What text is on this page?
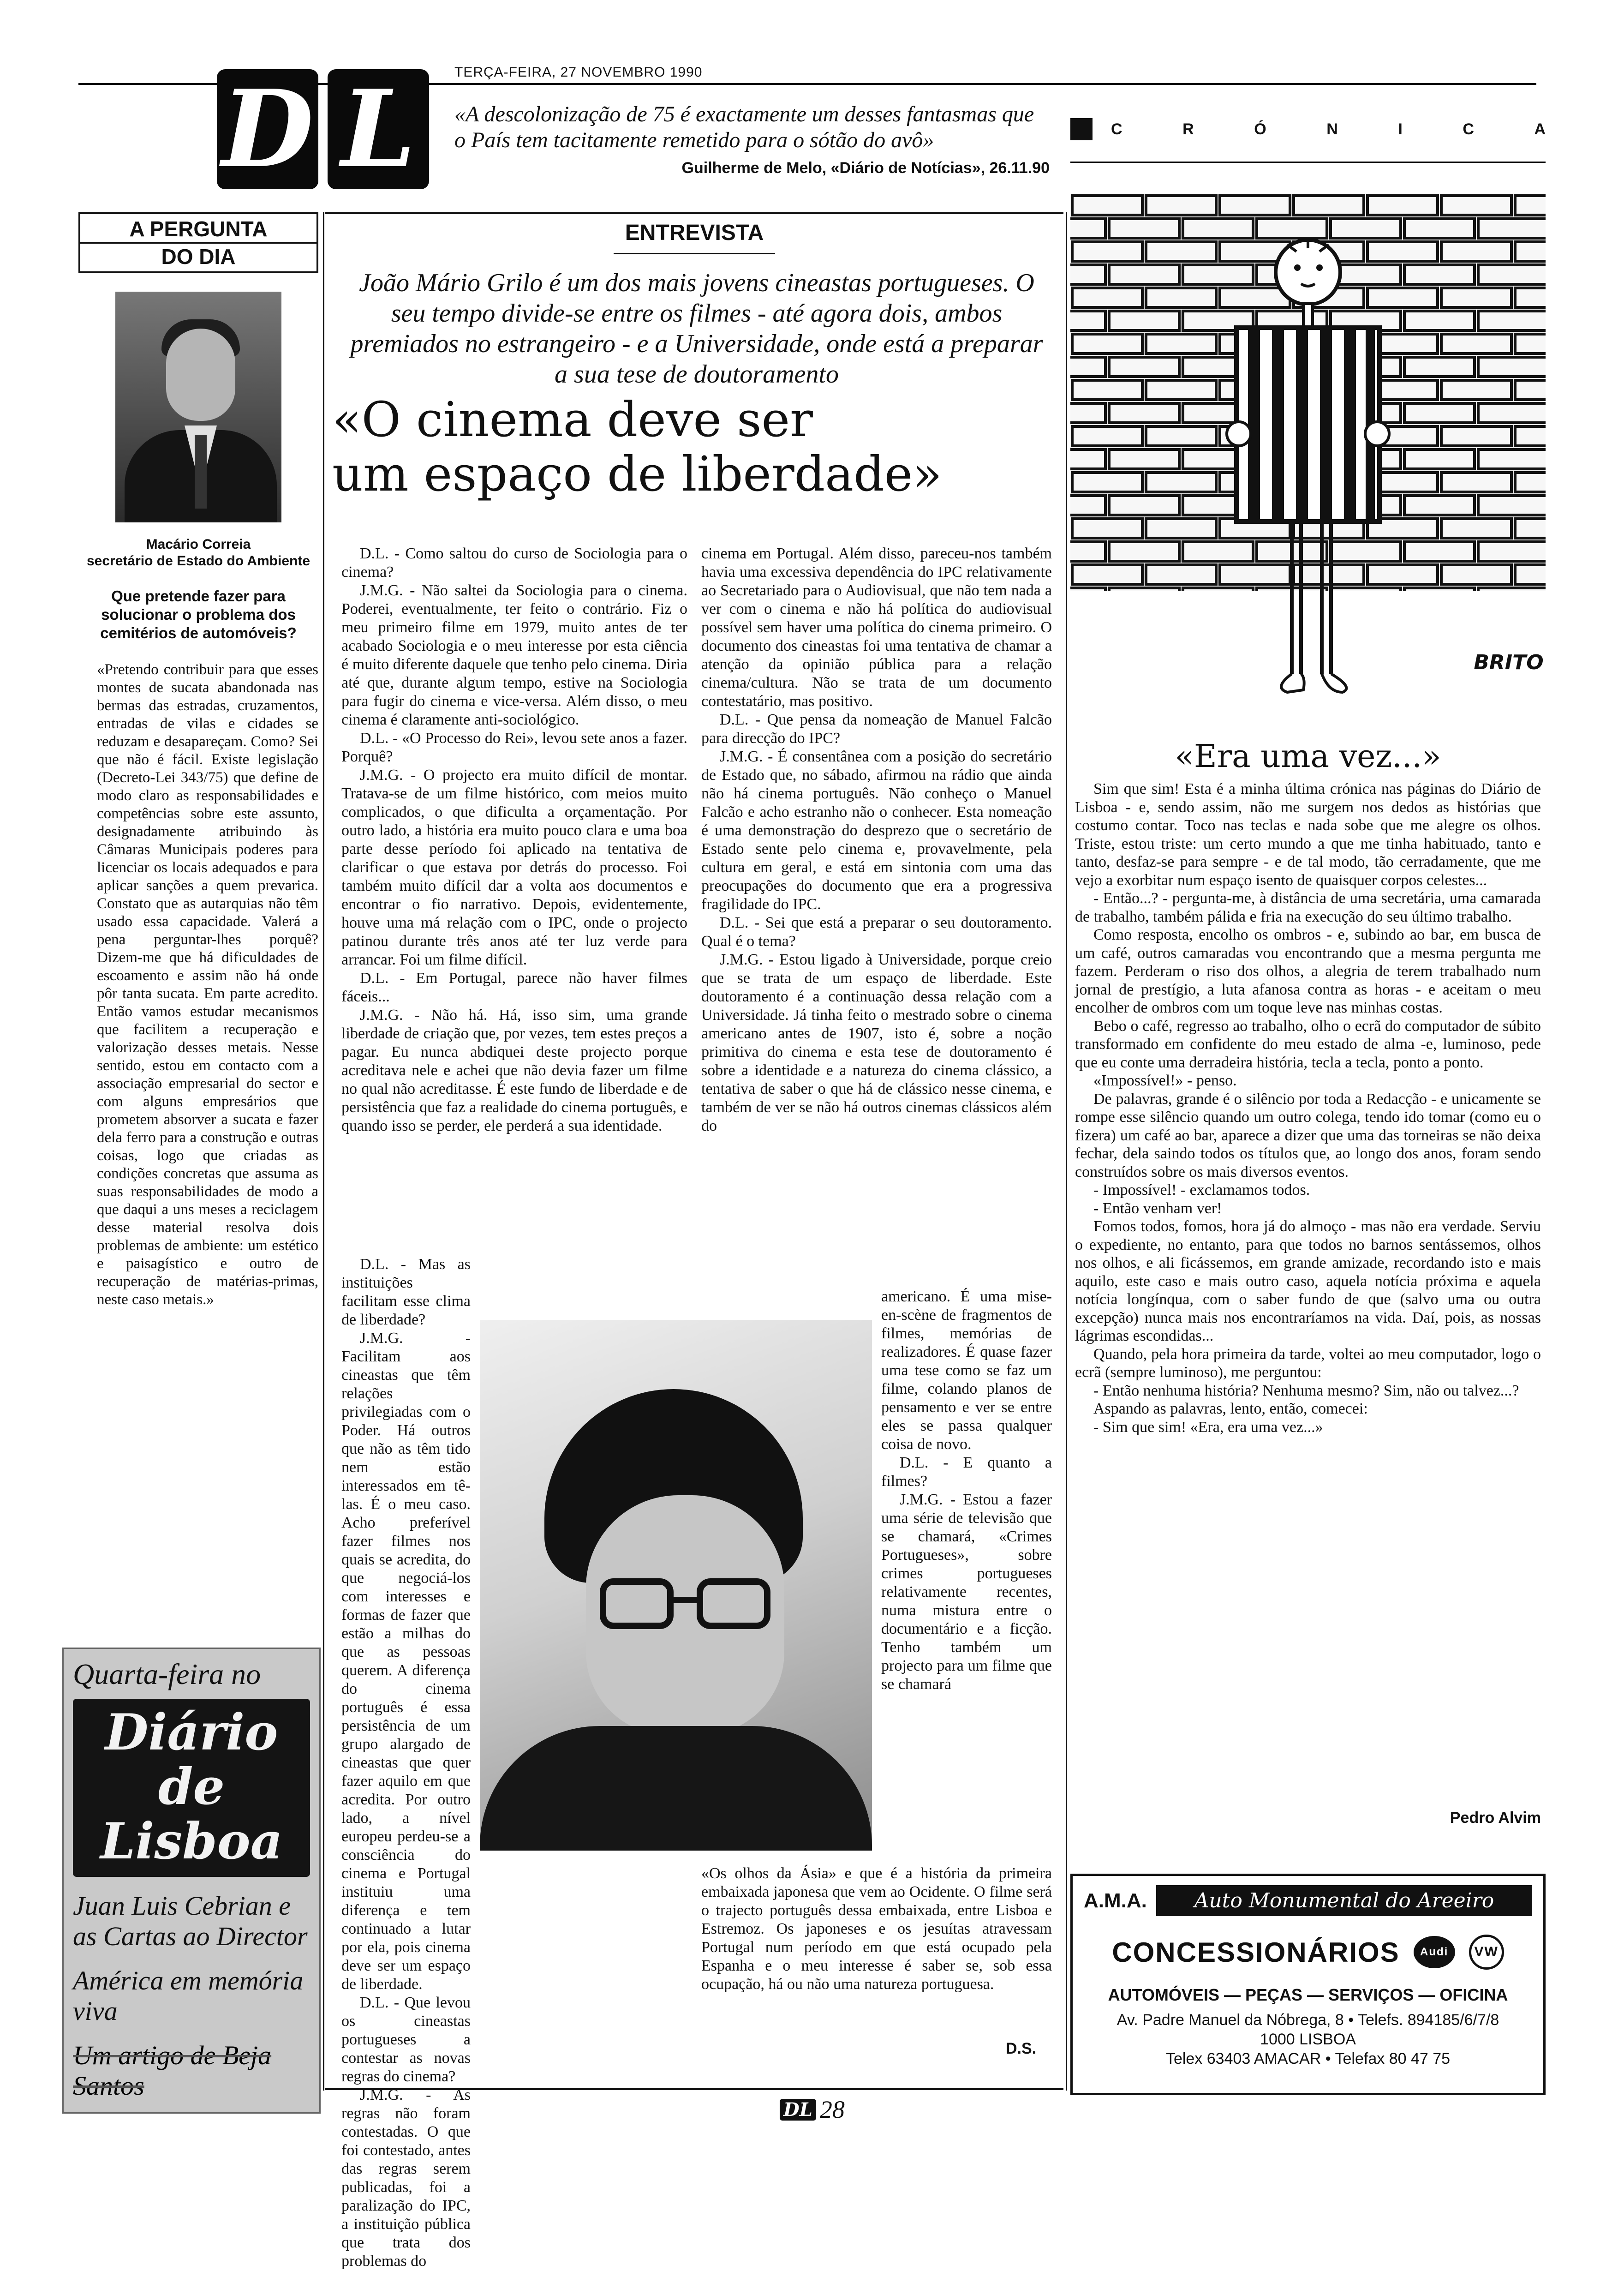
D L	TERÇA-FEIRA, 27 NOVEMBRO 1990
«A descolonização de 75 é exactamente um desses fantasmas que o País tem tacitamente remetido para o sótão do avô»
Guilherme de Melo, «Diário de Notícias», 26.11.90
C	R	Ó	N	I	C	A
A PERGUNTA
DO DIA
Macário Correia
secretário de Estado do Ambiente
Que pretende fazer para solucionar o problema dos cemitérios de automóveis?
«Pretendo contribuir para que esses montes de sucata abandonada nas bermas das estradas, cruzamentos, entradas de vilas e cidades se reduzam e desapareçam. Como? Sei que não é fácil. Existe legislação (Decreto-Lei 343/75) que define de modo claro as responsabilidades e competências sobre este assunto, designadamente atribuindo às Câmaras Municipais poderes para licenciar os locais adequados e para aplicar sanções a quem prevarica. Constato que as autarquias não têm usado essa capacidade. Valerá a pena perguntar-lhes porquê? Dizem-me que há dificuldades de escoamento e assim não há onde pôr tanta sucata. Em parte acredito. Então vamos estudar mecanismos que facilitem a recuperação e valorização desses metais. Nesse sentido, estou em contacto com a associação empresarial do sector e com alguns empresários que prometem absorver a sucata e fazer dela ferro para a construção e outras coisas, logo que criadas as condições concretas que assuma as suas responsabilidades de modo a que daqui a uns meses a reciclagem desse material resolva dois problemas de ambiente: um estético e paisagístico e outro de recuperação de matérias-primas, neste caso metais.»
Quarta-feira no
Diário de Lisboa
Juan Luis Cebrian e as Cartas ao Director
América em memória viva
Um artigo de Beja Santos
ENTREVISTA
João Mário Grilo é um dos mais jovens cineastas portugueses. O seu tempo divide-se entre os filmes - até agora dois, ambos premiados no estrangeiro - e a Universidade, onde está a preparar a sua tese de doutoramento
«O cinema deve ser
um espaço de liberdade»

D.L. - Como saltou do curso de Sociologia para o cinema?

J.M.G. - Não saltei da Sociologia para o cinema. Poderei, eventualmente, ter feito o contrário. Fiz o meu primeiro filme em 1979, muito antes de ter acabado Sociologia e o meu interesse por esta ciência é muito diferente daquele que tenho pelo cinema. Diria até que, durante algum tempo, estive na Sociologia para fugir do cinema e vice-versa. Além disso, o meu cinema é claramente anti-sociológico.

D.L. - «O Processo do Rei», levou sete anos a fazer. Porquê?

J.M.G. - O projecto era muito difícil de montar. Tratava-se de um filme histórico, com meios muito complicados, o que dificulta a orçamentação. Por outro lado, a história era muito pouco clara e uma boa parte desse período foi aplicado na tentativa de clarificar o que estava por detrás do processo. Foi também muito difícil dar a volta aos documentos e encontrar o fio narrativo. Depois, evidentemente, houve uma má relação com o IPC, onde o projecto patinou durante três anos até ter luz verde para arrancar. Foi um filme difícil.

D.L. - Em Portugal, parece não haver filmes fáceis...

J.M.G. - Não há. Há, isso sim, uma grande liberdade de criação que, por vezes, tem estes preços a pagar. Eu nunca abdiquei deste projecto porque acreditava nele e achei que não devia fazer um filme no qual não acreditasse. É este fundo de liberdade e de persistência que faz a realidade do cinema português, e quando isso se perder, ele perderá a sua identidade.

D.L. - Mas as instituições facilitam esse clima de liberdade?

J.M.G. - Facilitam aos cineastas que têm relações privilegiadas com o Poder. Há outros que não as têm tido nem estão interessados em tê-las. É o meu caso. Acho preferível fazer filmes nos quais se acredita, do que negociá-los com interesses e formas de fazer que estão a milhas do que as pessoas querem. A diferença do cinema português é essa persistência de um grupo alargado de cineastas que quer fazer aquilo em que acredita. Por outro lado, a nível europeu perdeu-se a consciência do cinema e Portugal instituiu uma diferença e tem continuado a lutar por ela, pois cinema deve ser um espaço de liberdade.

D.L. - Que levou os cineastas portugueses a contestar as novas regras do cinema?

J.M.G. - As regras não foram contestadas. O que foi contestado, antes das regras serem publicadas, foi a paralização do IPC, a instituição pública que trata dos problemas do

cinema em Portugal. Além disso, pareceu-nos também havia uma excessiva dependência do IPC relativamente ao Secretariado para o Audiovisual, que não tem nada a ver com o cinema e não há política do audiovisual possível sem haver uma política do cinema primeiro. O documento dos cineastas foi uma tentativa de chamar a atenção da opinião pública para a relação cinema/cultura. Não se trata de um documento contestatário, mas positivo.

D.L. - Que pensa da nomeação de Manuel Falcão para direcção do IPC?

J.M.G. - É consentânea com a posição do secretário de Estado que, no sábado, afirmou na rádio que ainda não há cinema português. Não conheço o Manuel Falcão e acho estranho não o conhecer. Esta nomeação é uma demonstração do desprezo que o secretário de Estado sente pelo cinema e, provavelmente, pela cultura em geral, e está em sintonia com uma das preocupações do documento que era a progressiva fragilidade do IPC.

D.L. - Sei que está a preparar o seu doutoramento. Qual é o tema?

J.M.G. - Estou ligado à Universidade, porque creio que se trata de um espaço de liberdade. Este doutoramento é a continuação dessa relação com a Universidade. Já tinha feito o mestrado sobre o cinema americano antes de 1907, isto é, sobre a noção primitiva do cinema e esta tese de doutoramento é sobre a identidade e a natureza do cinema clássico, a tentativa de saber o que há de clássico nesse cinema, e também de ver se não há outros cinemas clássicos além do

americano. É uma mise-en-scène de fragmentos de filmes, memórias de realizadores. É quase fazer uma tese como se faz um filme, colando planos de pensamento e ver se entre eles se passa qualquer coisa de novo.

D.L. - E quanto a filmes?

J.M.G. - Estou a fazer uma série de televisão que se chamará, «Crimes Portugueses», sobre crimes portugueses relativamente recentes, numa mistura entre o documentário e a ficção. Tenho também um projecto para um filme que se chamará

«Os olhos da Ásia» e que é a história da primeira embaixada japonesa que vem ao Ocidente. O filme será o trajecto português dessa embaixada, entre Lisboa e Estremoz. Os japoneses e os jesuítas atravessam Portugal num período em que está ocupado pela Espanha e o meu interesse é saber se, sob essa ocupação, há ou não uma natureza portuguesa.

D.S.
DL 28
BRITO
«Era uma vez...»

Sim que sim! Esta é a minha última crónica nas páginas do Diário de Lisboa - e, sendo assim, não me surgem nos dedos as histórias que costumo contar. Toco nas teclas e nada sobe que me alegre os olhos. Triste, estou triste: um certo mundo a que me tinha habituado, tanto e tanto, desfaz-se para sempre - e de tal modo, tão cerradamente, que me vejo a exorbitar num espaço isento de quaisquer corpos celestes...

- Então...? - pergunta-me, à distância de uma secretária, uma camarada de trabalho, também pálida e fria na execução do seu último trabalho.

Como resposta, encolho os ombros - e, subindo ao bar, em busca de um café, outros camaradas vou encontrando que a mesma pergunta me fazem. Perderam o riso dos olhos, a alegria de terem trabalhado num jornal de prestígio, a luta afanosa contra as horas - e aceitam o meu encolher de ombros com um toque leve nas minhas costas.

Bebo o café, regresso ao trabalho, olho o ecrã do computador de súbito transformado em confidente do meu estado de alma -e, luminoso, pede que eu conte uma derradeira história, tecla a tecla, ponto a ponto.

«Impossível!» - penso.

De palavras, grande é o silêncio por toda a Redacção - e unicamente se rompe esse silêncio quando um outro colega, tendo ido tomar (como eu o fizera) um café ao bar, aparece a dizer que uma das torneiras se não deixa fechar, dela saindo todos os títulos que, ao longo dos anos, foram sendo construídos sobre os mais diversos eventos.

- Impossível! - exclamamos todos.

- Então venham ver!

Fomos todos, fomos, hora já do almoço - mas não era verdade. Serviu o expediente, no entanto, para que todos no barnos sentássemos, olhos nos olhos, e ali ficássemos, em grande amizade, recordando isto e mais aquilo, este caso e mais outro caso, aquela notícia próxima e aquela notícia longínqua, com o saber fundo de que (salvo uma ou outra excepção) nunca mais nos encontraríamos na vida. Daí, pois, as nossas lágrimas escondidas...

Quando, pela hora primeira da tarde, voltei ao meu computador, logo o ecrã (sempre luminoso), me perguntou:

- Então nenhuma história? Nenhuma mesmo? Sim, não ou talvez...?

Aspando as palavras, lento, então, comecei:

- Sim que sim! «Era, era uma vez...»

Pedro Alvim
A.M.A.	Auto Monumental do Areeiro
CONCESSIONÁRIOS	Audi	VW
AUTOMÓVEIS — PEÇAS — SERVIÇOS — OFICINA
Av. Padre Manuel da Nóbrega, 8 • Telefs. 894185/6/7/8
1000 LISBOA
Telex 63403 AMACAR • Telefax 80 47 75
